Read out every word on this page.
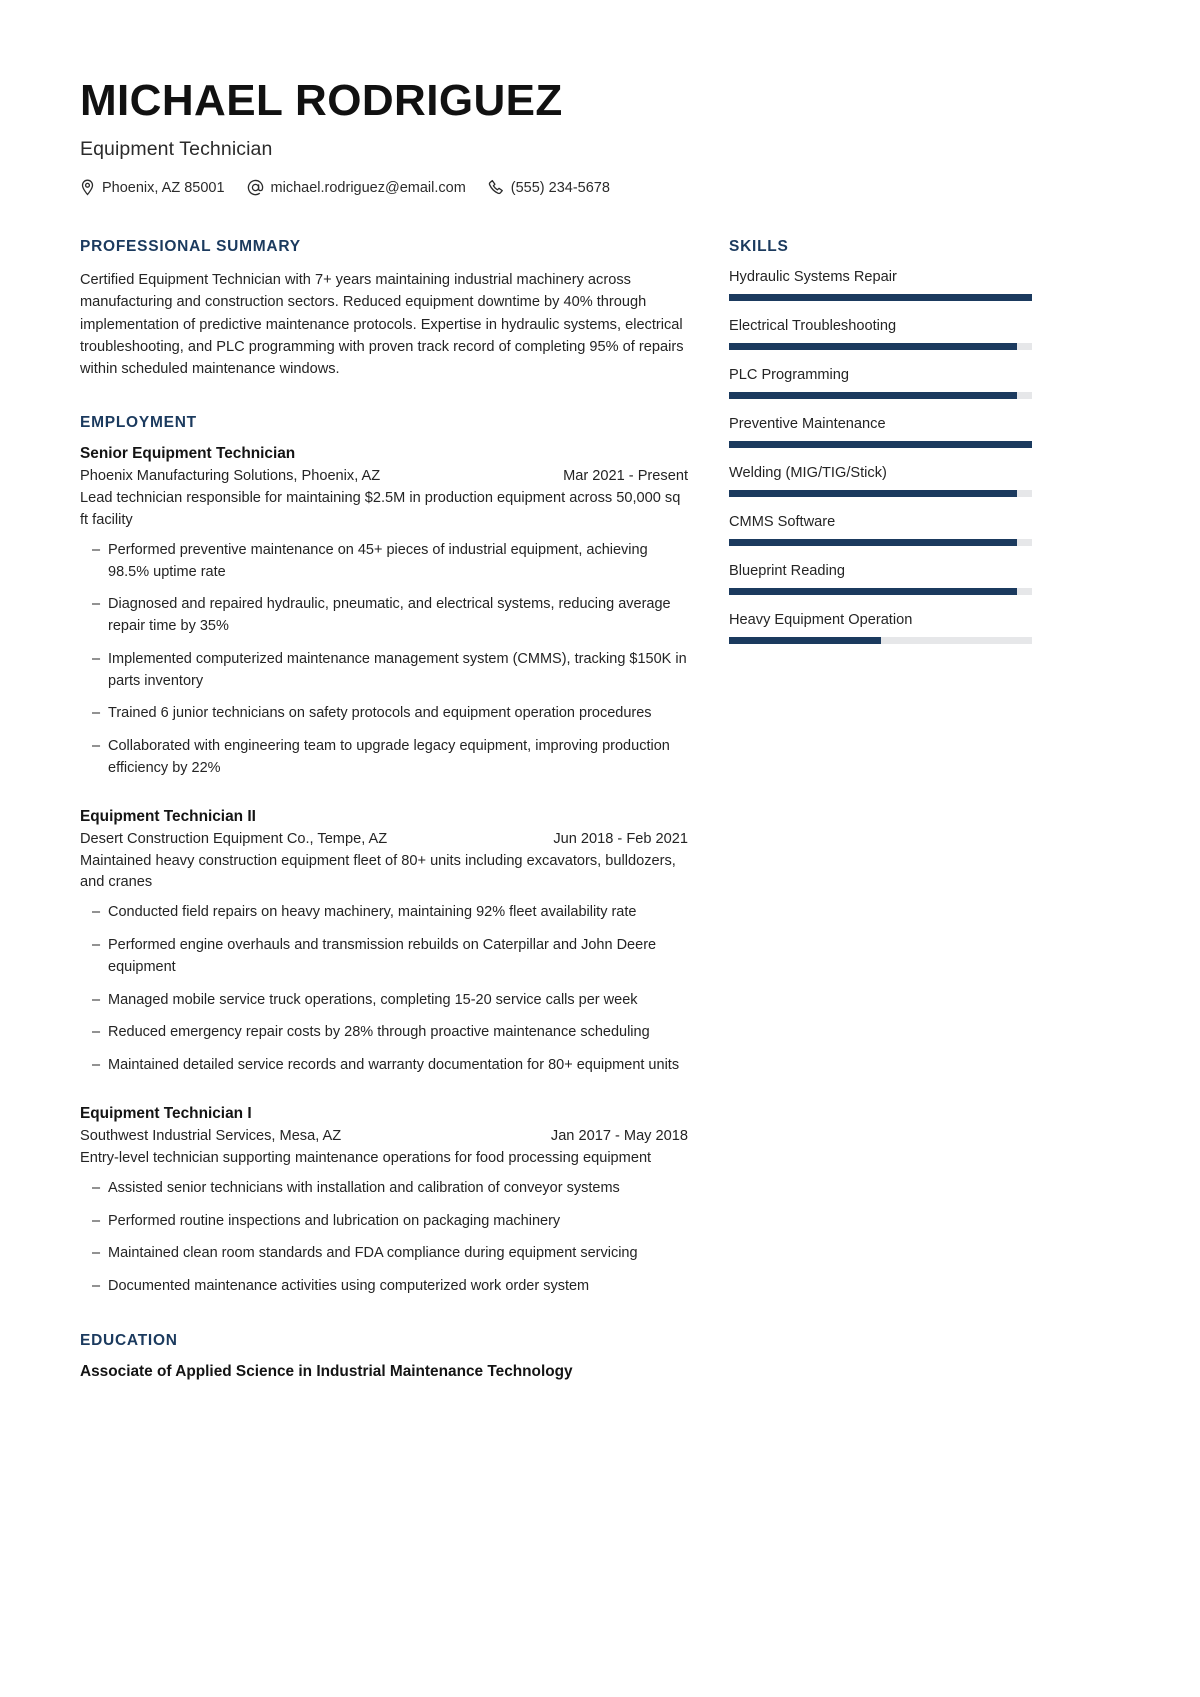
MICHAEL RODRIGUEZ
Equipment Technician
Phoenix, AZ 85001	michael.rodriguez@email.com	(555) 234-5678
PROFESSIONAL SUMMARY
Certified Equipment Technician with 7+ years maintaining industrial machinery across manufacturing and construction sectors. Reduced equipment downtime by 40% through implementation of predictive maintenance protocols. Expertise in hydraulic systems, electrical troubleshooting, and PLC programming with proven track record of completing 95% of repairs within scheduled maintenance windows.
EMPLOYMENT
Senior Equipment Technician
Phoenix Manufacturing Solutions, Phoenix, AZ	Mar 2021 - Present
Lead technician responsible for maintaining $2.5M in production equipment across 50,000 sq ft facility
– Performed preventive maintenance on 45+ pieces of industrial equipment, achieving 98.5% uptime rate
– Diagnosed and repaired hydraulic, pneumatic, and electrical systems, reducing average repair time by 35%
– Implemented computerized maintenance management system (CMMS), tracking $150K in parts inventory
– Trained 6 junior technicians on safety protocols and equipment operation procedures
– Collaborated with engineering team to upgrade legacy equipment, improving production efficiency by 22%
Equipment Technician II
Desert Construction Equipment Co., Tempe, AZ	Jun 2018 - Feb 2021
Maintained heavy construction equipment fleet of 80+ units including excavators, bulldozers, and cranes
– Conducted field repairs on heavy machinery, maintaining 92% fleet availability rate
– Performed engine overhauls and transmission rebuilds on Caterpillar and John Deere equipment
– Managed mobile service truck operations, completing 15-20 service calls per week
– Reduced emergency repair costs by 28% through proactive maintenance scheduling
– Maintained detailed service records and warranty documentation for 80+ equipment units
Equipment Technician I
Southwest Industrial Services, Mesa, AZ	Jan 2017 - May 2018
Entry-level technician supporting maintenance operations for food processing equipment
– Assisted senior technicians with installation and calibration of conveyor systems
– Performed routine inspections and lubrication on packaging machinery
– Maintained clean room standards and FDA compliance during equipment servicing
– Documented maintenance activities using computerized work order system
EDUCATION
Associate of Applied Science in Industrial Maintenance Technology
SKILLS
Hydraulic Systems Repair
Electrical Troubleshooting
PLC Programming
Preventive Maintenance
Welding (MIG/TIG/Stick)
CMMS Software
Blueprint Reading
Heavy Equipment Operation
